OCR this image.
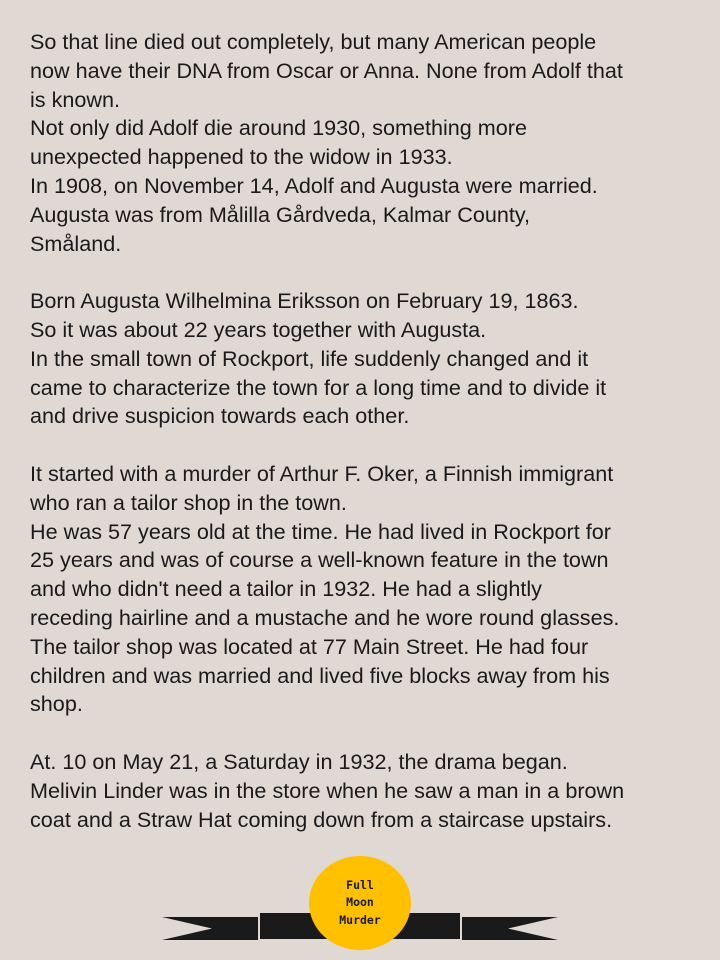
So that line died out completely, but many American people
now have their DNA from Oscar or Anna. None from Adolf that
is known.
Not only did Adolf die around 1930, something more
unexpected happened to the widow in 1933.
In 1908, on November 14, Adolf and Augusta were married.
Augusta was from Målilla Gårdveda, Kalmar County,
Småland.
Born Augusta Wilhelmina Eriksson on February 19, 1863.
So it was about 22 years together with Augusta.
In the small town of Rockport, life suddenly changed and it
came to characterize the town for a long time and to divide it
and drive suspicion towards each other.
It started with a murder of Arthur F. Oker, a Finnish immigrant
who ran a tailor shop in the town.
He was 57 years old at the time. He had lived in Rockport for
25 years and was of course a well-known feature in the town
and who didn't need a tailor in 1932. He had a slightly
receding hairline and a mustache and he wore round glasses.
The tailor shop was located at 77 Main Street. He had four
children and was married and lived five blocks away from his
shop.
At. 10 on May 21, a Saturday in 1932, the drama began.
Melivin Linder was in the store when he saw a man in a brown
coat and a Straw Hat coming down from a staircase upstairs.
Full
Moon
Murder
